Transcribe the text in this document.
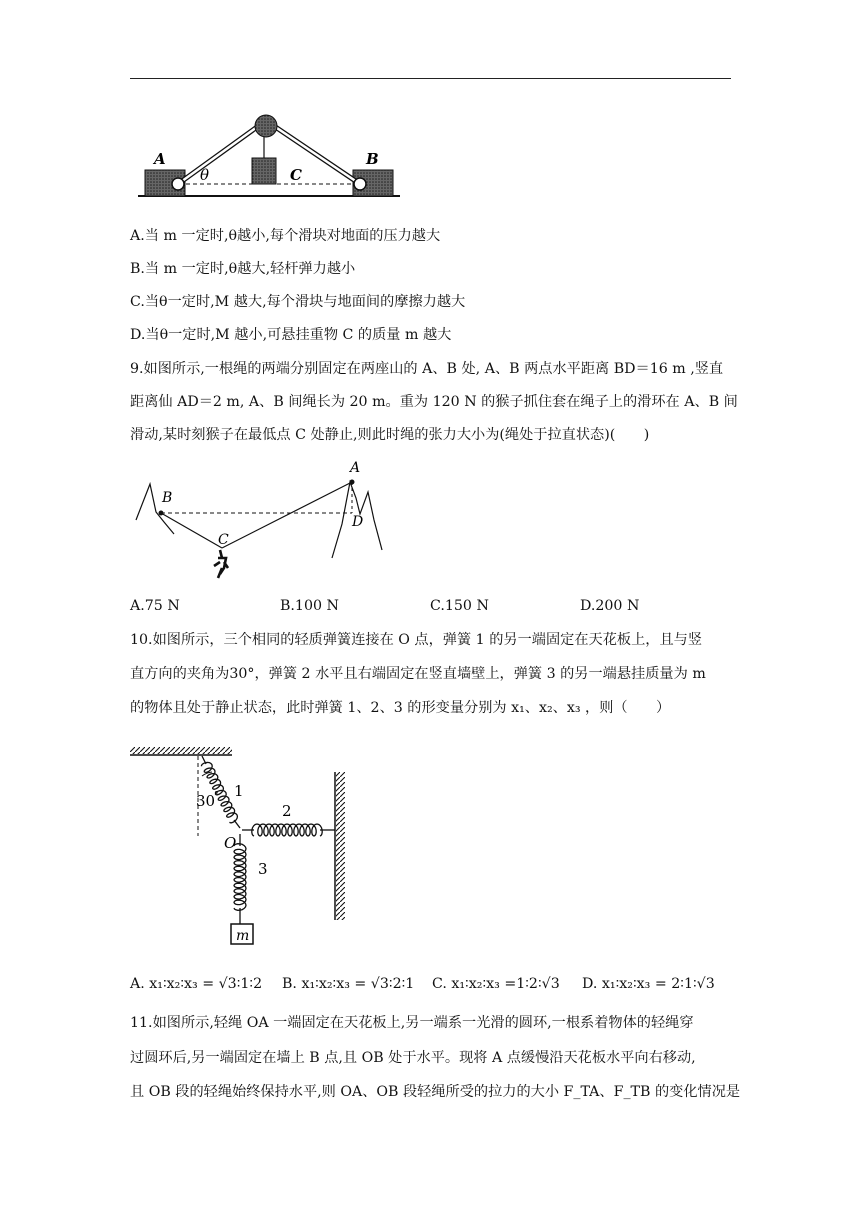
A	B
θ	C
A.当 m 一定时,θ越小,每个滑块对地面的压力越大
B.当 m 一定时,θ越大,轻杆弹力越小
C.当θ一定时,M 越大,每个滑块与地面间的摩擦力越大
D.当θ一定时,M 越小,可悬挂重物 C 的质量 m 越大
9.如图所示,一根绳的两端分别固定在两座山的 A、B 处, A、B 两点水平距离 BD＝16 m ,竖直
距离仙 AD＝2 m, A、B 间绳长为 20 m。重为 120 N 的猴子抓住套在绳子上的滑环在 A、B 间
滑动,某时刻猴子在最低点 C 处静止,则此时绳的张力大小为(绳处于拉直状态)(　　)
B
A
D
C
A.75 N	B.100 N	C.150 N	D.200 N
10.如图所示，三个相同的轻质弹簧连接在 O 点，弹簧 1 的另一端固定在天花板上，且与竖
直方向的夹角为30°，弹簧 2 水平且右端固定在竖直墙壁上，弹簧 3 的另一端悬挂质量为 m
的物体且处于静止状态，此时弹簧 1、2、3 的形变量分别为 x₁、x₂、x₃ ，则（　　）
30
° 1
2
O
3
m
A. x₁∶x₂∶x₃ = √3∶1∶2 B. x₁∶x₂∶x₃ = √3∶2∶1 C. x₁∶x₂∶x₃ =1∶2∶√3 D. x₁∶x₂∶x₃ = 2∶1∶√3
11.如图所示,轻绳 OA 一端固定在天花板上,另一端系一光滑的圆环,一根系着物体的轻绳穿
过圆环后,另一端固定在墙上 B 点,且 OB 处于水平。现将 A 点缓慢沿天花板水平向右移动,
且 OB 段的轻绳始终保持水平,则 OA、OB 段轻绳所受的拉力的大小 F_TA、F_TB 的变化情况是
